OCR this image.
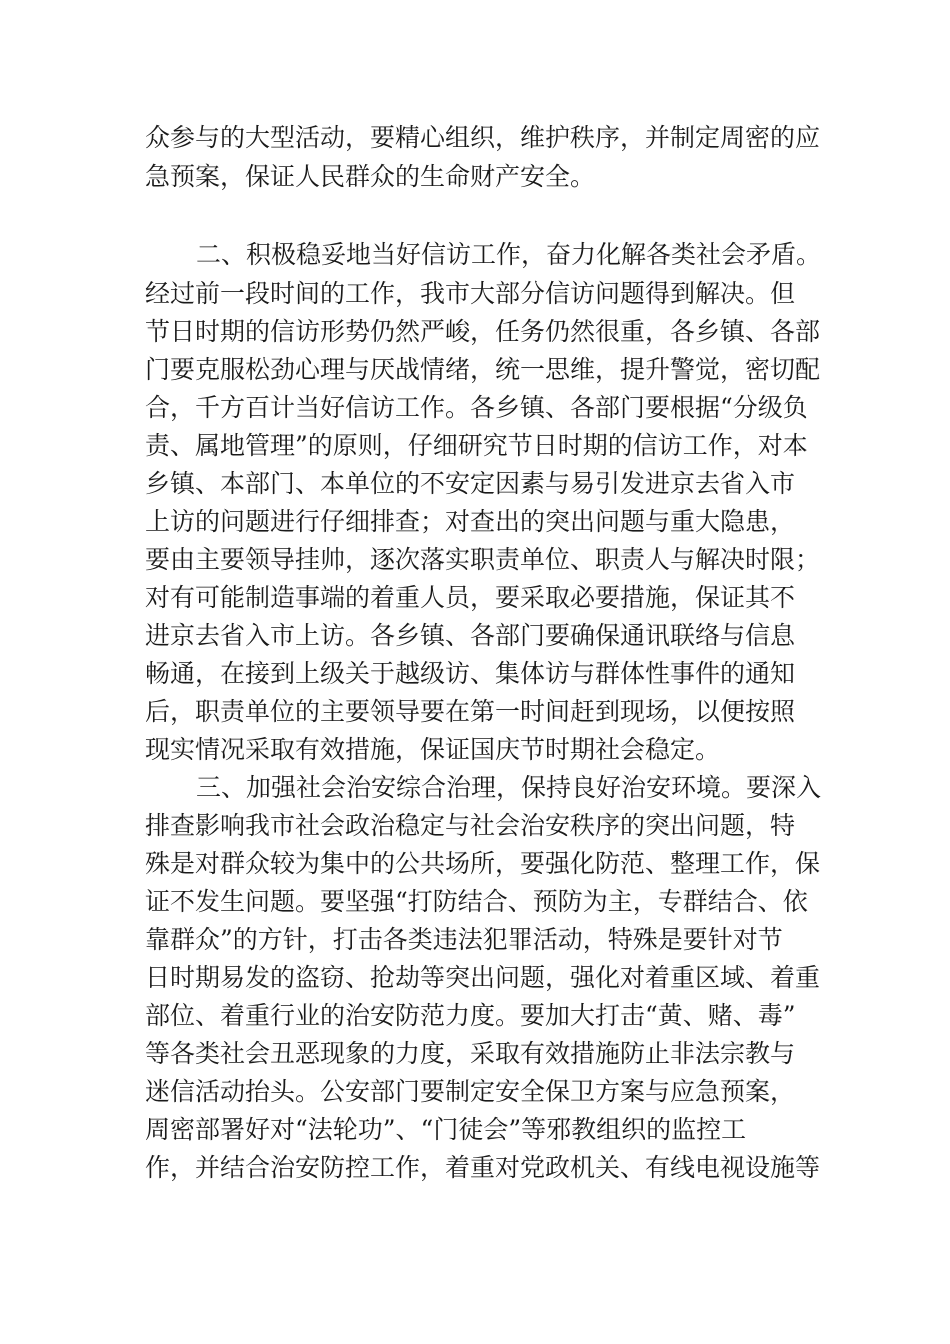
众参与的大型活动，要精心组织，维护秩序，并制定周密的应
急预案，保证人民群众的生命财产安全。
二、积极稳妥地当好信访工作，奋力化解各类社会矛盾。
经过前一段时间的工作，我市大部分信访问题得到解决。但
节日时期的信访形势仍然严峻，任务仍然很重，各乡镇、各部
门要克服松劲心理与厌战情绪，统一思维，提升警觉，密切配
合，千方百计当好信访工作。各乡镇、各部门要根据“分级负
责、属地管理”的原则，仔细研究节日时期的信访工作，对本
乡镇、本部门、本单位的不安定因素与易引发进京去省入市
上访的问题进行仔细排查；对查出的突出问题与重大隐患，
要由主要领导挂帅，逐次落实职责单位、职责人与解决时限；
对有可能制造事端的着重人员，要采取必要措施，保证其不
进京去省入市上访。各乡镇、各部门要确保通讯联络与信息
畅通，在接到上级关于越级访、集体访与群体性事件的通知
后，职责单位的主要领导要在第一时间赶到现场，以便按照
现实情况采取有效措施，保证国庆节时期社会稳定。
三、加强社会治安综合治理，保持良好治安环境。要深入
排查影响我市社会政治稳定与社会治安秩序的突出问题，特
殊是对群众较为集中的公共场所，要强化防范、整理工作，保
证不发生问题。要坚强“打防结合、预防为主，专群结合、依
靠群众”的方针，打击各类违法犯罪活动，特殊是要针对节
日时期易发的盗窃、抢劫等突出问题，强化对着重区域、着重
部位、着重行业的治安防范力度。要加大打击“黄、赌、毒”
等各类社会丑恶现象的力度，采取有效措施防止非法宗教与
迷信活动抬头。公安部门要制定安全保卫方案与应急预案，
周密部署好对“法轮功”、“门徒会”等邪教组织的监控工
作，并结合治安防控工作，着重对党政机关、有线电视设施等
